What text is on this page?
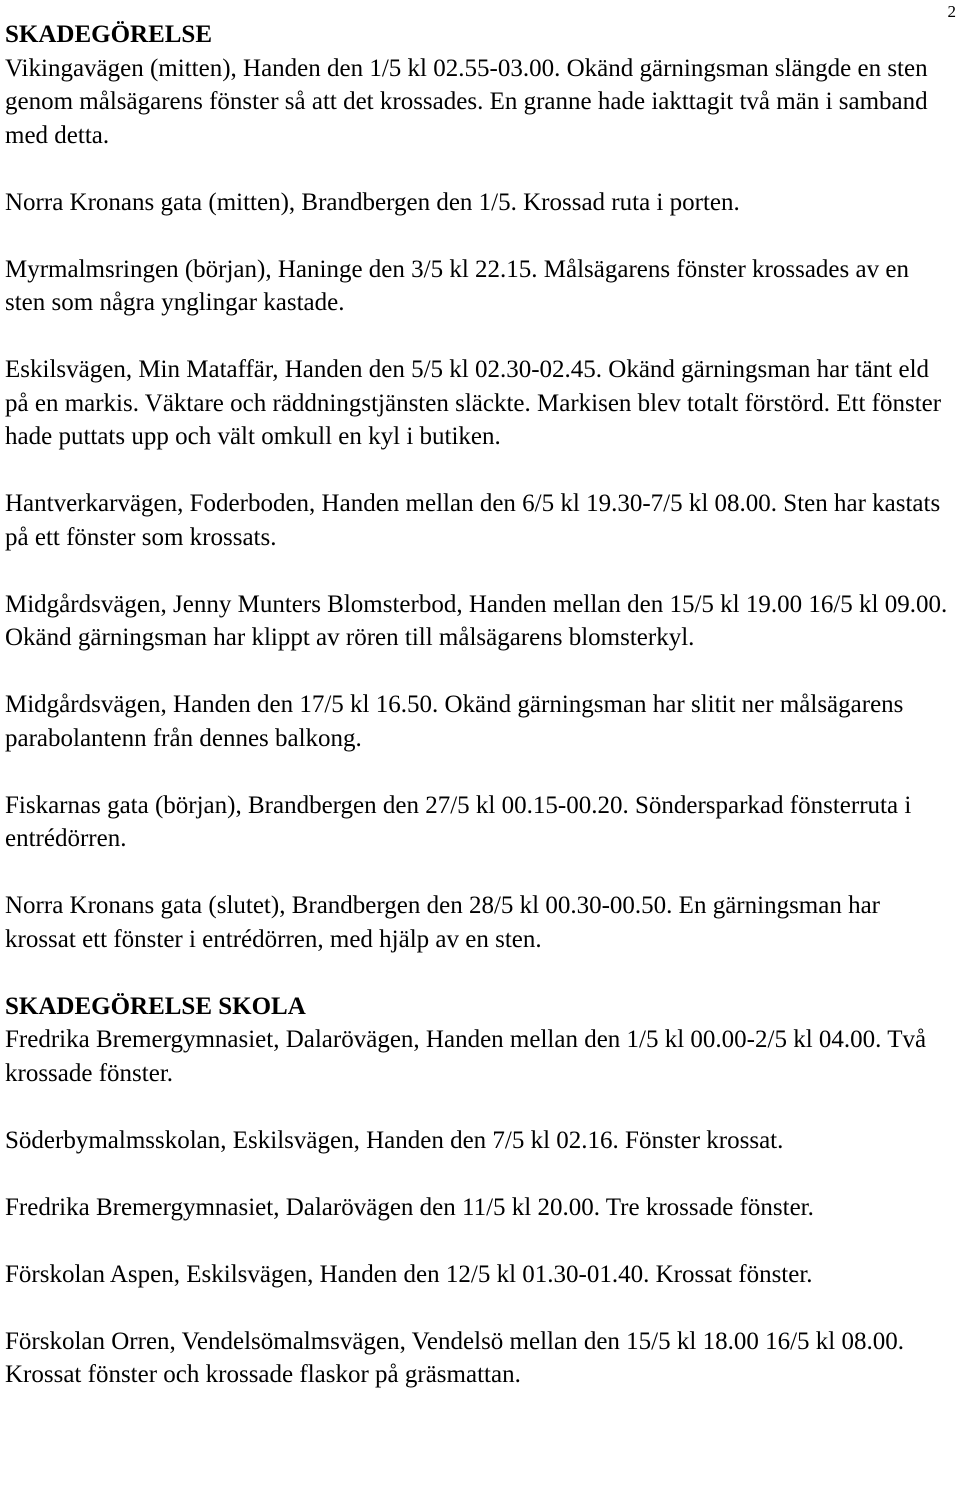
2

SKADEGÖRELSE

Vikingavägen (mitten), Handen den 1/5 kl 02.55-03.00. Okänd gärningsman slängde en sten genom målsägarens fönster så att det krossades. En granne hade iakttagit två män i samband med detta.

Norra Kronans gata (mitten), Brandbergen den 1/5. Krossad ruta i porten.

Myrmalmsringen (början), Haninge den 3/5 kl 22.15. Målsägarens fönster krossades av en sten som några ynglingar kastade.

Eskilsvägen, Min Mataffär, Handen den 5/5 kl 02.30-02.45. Okänd gärningsman har tänt eld på en markis. Väktare och räddningstjänsten släckte. Markisen blev totalt förstörd. Ett fönster hade puttats upp och vält omkull en kyl i butiken.

Hantverkarvägen, Foderboden, Handen mellan den 6/5 kl 19.30-7/5 kl 08.00. Sten har kastats på ett fönster som krossats.

Midgårdsvägen, Jenny Munters Blomsterbod, Handen mellan den 15/5 kl 19.00 16/5 kl 09.00. Okänd gärningsman har klippt av rören till målsägarens blomsterkyl.

Midgårdsvägen, Handen den 17/5 kl 16.50. Okänd gärningsman har slitit ner målsägarens parabolantenn från dennes balkong.

Fiskarnas gata (början), Brandbergen den 27/5 kl 00.15-00.20. Söndersparkad fönsterruta i entrédörren.

Norra Kronans gata (slutet), Brandbergen den 28/5 kl 00.30-00.50. En gärningsman har krossat ett fönster i entrédörren, med hjälp av en sten.

SKADEGÖRELSE SKOLA

Fredrika Bremergymnasiet, Dalarövägen, Handen mellan den 1/5 kl 00.00-2/5 kl 04.00. Två krossade fönster.

Söderbymalmsskolan, Eskilsvägen, Handen den 7/5 kl 02.16. Fönster krossat.

Fredrika Bremergymnasiet, Dalarövägen den 11/5 kl 20.00. Tre krossade fönster.

Förskolan Aspen, Eskilsvägen, Handen den 12/5 kl 01.30-01.40. Krossat fönster.

Förskolan Orren, Vendelsömalmsvägen, Vendelsö mellan den 15/5 kl 18.00 16/5 kl 08.00. Krossat fönster och krossade flaskor på gräsmattan.
